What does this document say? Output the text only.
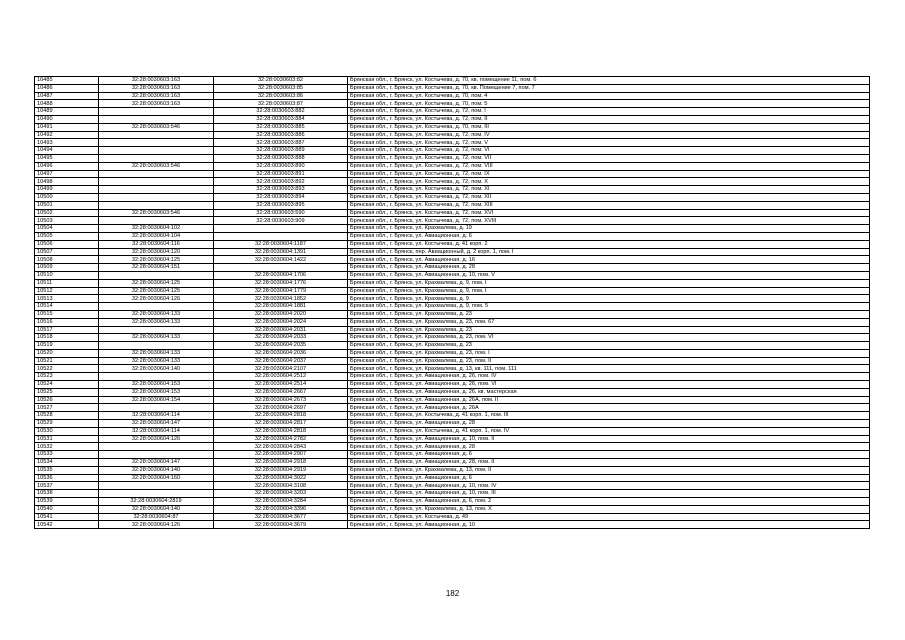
10485	32:28:0030603:163	32:28:0030603:82	Брянская обл., г. Брянск, ул. Костычева, д. 70, кв. помещение 11, пом. 6
10486	32:28:0030603:163	32:28:0030603:85	Брянская обл., г. Брянск, ул. Костычева, д. 70, кв. Помещение 7, пом. 7
10487	32:28:0030603:163	32:28:0030603:86	Брянская обл., г. Брянск, ул. Костычева, д. 70, пом. 4
10488	32:28:0030603:163	32:28:0030603:87	Брянская обл., г. Брянск, ул. Костычева, д. 70, пом. 5
10489		32:28:0030603:882	Брянская обл., г. Брянск, ул. Костычева, д. 72, пом. I
10490		32:28:0030603:884	Брянская обл., г. Брянск, ул. Костычева, д. 72, пом. II
10491	32:28:0030603:546	32:28:0030603:885	Брянская обл., г. Брянск, ул. Костычева, д. 70, пом. III
10492		32:28:0030603:886	Брянская обл., г. Брянск, ул. Костычева, д. 72, пом. IV
10493		32:28:0030603:887	Брянская обл., г. Брянск, ул. Костычева, д. 72, пом. V
10494		32:28:0030603:889	Брянская обл., г. Брянск, ул. Костычева, д. 72, пом. VI
10495		32:28:0030603:888	Брянская обл., г. Брянск, ул. Костычева, д. 72, пом. VII
10496	32:28:0030603:546	32:28:0030603:890	Брянская обл., г. Брянск, ул. Костычева, д. 72, пом. VIII
10497		32:28:0030603:891	Брянская обл., г. Брянск, ул. Костычева, д. 72, пом. IX
10498		32:28:0030603:892	Брянская обл., г. Брянск, ул. Костычева, д. 72, пом. X
10499		32:28:0030603:893	Брянская обл., г. Брянск, ул. Костычева, д. 72, пом. XI
10500		32:28:0030603:894	Брянская обл., г. Брянск, ул. Костычева, д. 72, пом. XII
10501		32:28:0030603:895	Брянская обл., г. Брянск, ул. Костычева, д. 72, пом. XIII
10502	32:28:0030603:546	32:28:0030603:590	Брянская обл., г. Брянск, ул. Костычева, д. 72, пом. XVI
10503		32:28:0030603:909	Брянская обл., г. Брянск, ул. Костычева, д. 72, пом. XVIII
10504	32:28:0030604:102		Брянская обл., г. Брянск, ул. Крахмалева, д. 19
10505	32:28:0030604:104		Брянская обл., г. Брянск, ул. Авиационная, д. 6
10506	32:28:0030604:116	32:28:0030604:1187	Брянская обл., г. Брянск, ул. Костычева, д. 41 корп. 2
10507	32:28:0030604:120	32:28:0030604:1391	Брянская обл., г. Брянск, пер. Авиационный, д. 2 корп. 1, пом. I
10508	32:28:0030604:125	32:28:0030604:1422	Брянская обл., г. Брянск, ул. Авиационная, д. 16
10509	32:28:0030604:151		Брянская обл., г. Брянск, ул. Авиационная, д. 28
10510		32:28:0030604:1706	Брянская обл., г. Брянск, ул. Авиационная, д. 10, пом. V
10511	32:28:0030604:125	32:28:0030604:1776	Брянская обл., г. Брянск, ул. Крахмалева, д. 9, пом. I
10512	32:28:0030604:125	32:28:0030604:1779	Брянская обл., г. Брянск, ул. Крахмалева, д. 9, пом. I
10513	32:28:0030604:126	32:28:0030604:1852	Брянская обл., г. Брянск, ул. Крахмалева, д. 9
10514		32:28:0030604:1881	Брянская обл., г. Брянск, ул. Крахмалева, д. 9, пом. 5
10515	32:28:0030604:133	32:28:0030604:2020	Брянская обл., г. Брянск, ул. Крахмалева, д. 23
10516	32:28:0030604:133	32:28:0030604:2024	Брянская обл., г. Брянск, ул. Крахмалева, д. 23, пом. 67
10517		32:28:0030604:2031	Брянская обл., г. Брянск, ул. Крахмалева, д. 23
10518	32:28:0030604:133	32:28:0030604:2033	Брянская обл., г. Брянск, ул. Крахмалева, д. 23, пом. VI
10519		32:28:0030604:2035	Брянская обл., г. Брянск, ул. Крахмалева, д. 23
10520	32:28:0030604:133	32:28:0030604:2036	Брянская обл., г. Брянск, ул. Крахмалева, д. 23, пом. I
10521	32:28:0030604:133	32:28:0030604:2037	Брянская обл., г. Брянск, ул. Крахмалева, д. 23, пом. II
10522	32:28:0030604:140	32:28:0030604:2107	Брянская обл., г. Брянск, ул. Крахмалева, д. 13, кв. 111, пом. 111
10523		32:28:0030604:2512	Брянская обл., г. Брянск, ул. Авиационная, д. 26, пом. IV
10524	32:28:0030604:153	32:28:0030604:2514	Брянская обл., г. Брянск, ул. Авиационная, д. 26, пом. VI
10525	32:28:0030604:153	32:28:0030604:2667	Брянская обл., г. Брянск, ул. Авиационная, д. 26, кв. мастерская
10526	32:28:0030604:154	32:28:0030604:2673	Брянская обл., г. Брянск, ул. Авиационная, д. 26А, пом. II
10527		32:28:0030604:2697	Брянская обл., г. Брянск, ул. Авиационная, д. 26А
10528	32:28:0030604:114	32:28:0030604:2818	Брянская обл., г. Брянск, ул. Костычева, д. 41 корп. 1, пом. III
10529	32:28:0030604:147	32:28:0030604:2817	Брянская обл., г. Брянск, ул. Авиационная, д. 28
10530	32:28:0030604:114	32:28:0030604:2818	Брянская обл., г. Брянск, ул. Костычева, д. 41 корп. 1, пом. IV
10531	32:28:0030604:126	32:28:0030604:2782	Брянская обл., г. Брянск, ул. Авиационная, д. 10, пом. II
10532		32:28:0030604:2843	Брянская обл., г. Брянск, ул. Авиационная, д. 28
10533		32:28:0030604:2907	Брянская обл., г. Брянск, ул. Авиационная, д. 6
10534	32:28:0030604:147	32:28:0030604:2918	Брянская обл., г. Брянск, ул. Авиационная, д. 28, пом. II
10535	32:28:0030604:140	32:28:0030604:2919	Брянская обл., г. Брянск, ул. Крахмалева, д. 13, пом. II
10536	32:28:0030604:160	32:28:0030604:3022	Брянская обл., г. Брянск, ул. Авиационная, д. 6
10537		32:28:0030604:3108	Брянская обл., г. Брянск, ул. Авиационная, д. 10, пом. IV
10538		32:28:0030604:3203	Брянская обл., г. Брянск, ул. Авиационная, д. 10, пом. III
10539	32:28:0030604:2819	32:28:0030604:3284	Брянская обл., г. Брянск, ул. Авиационная, д. 6, пом. 2
10540	32:28:0030604:140	32:28:0030604:3396	Брянская обл., г. Брянск, ул. Крахмалева, д. 13, пом. X
10541	32:28:0030604:87	32:28:0030604:3677	Брянская обл., г. Брянск, ул. Костычева, д. 49
10542	32:28:0030604:126	32:28:0030604:3679	Брянская обл., г. Брянск, ул. Авиационная, д. 10
182
